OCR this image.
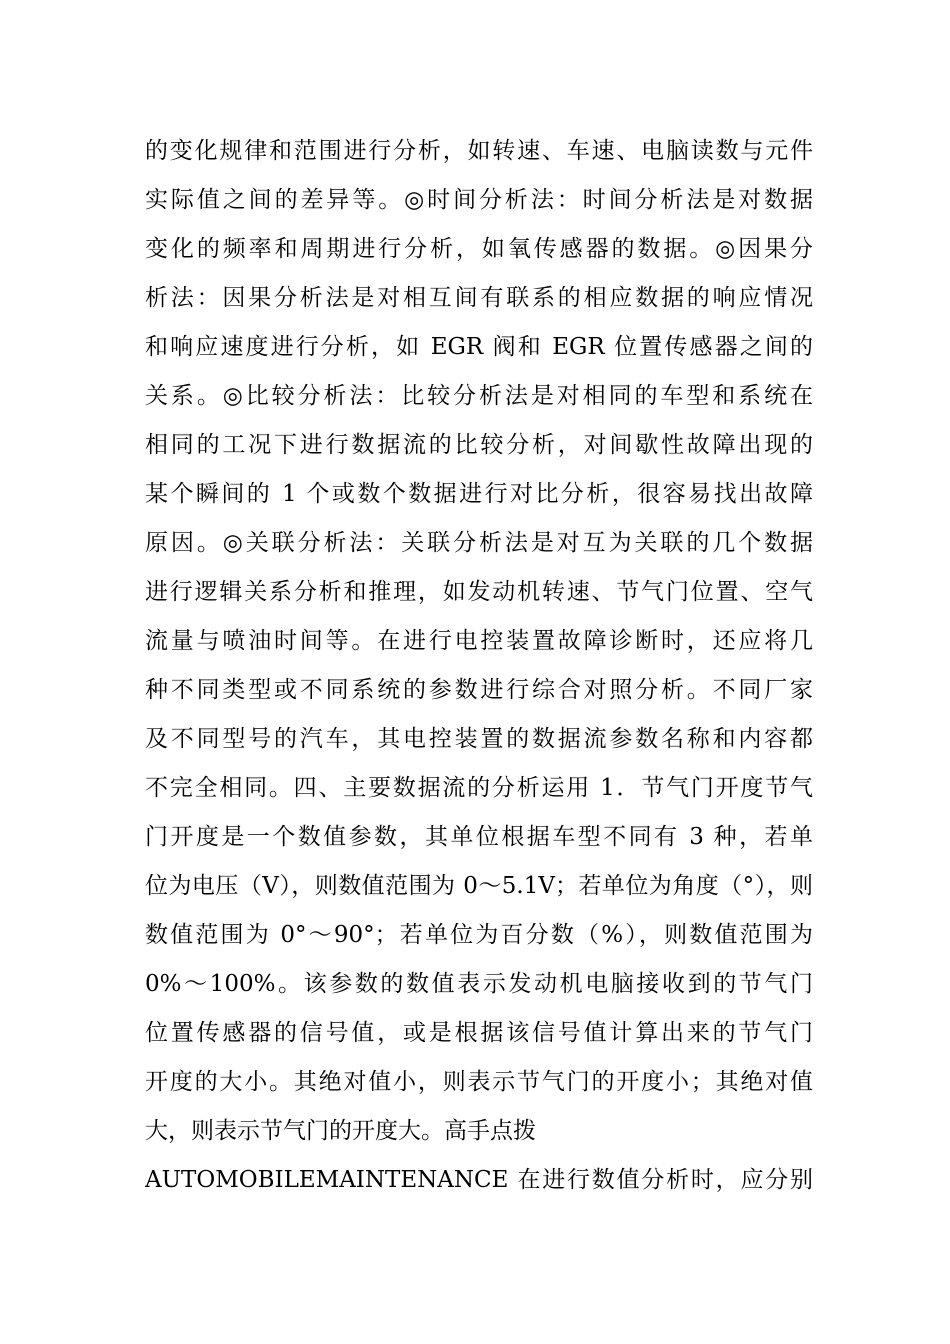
的变化规律和范围进行分析，如转速、车速、电脑读数与元件
实际值之间的差异等。◎时间分析法：时间分析法是对数据
变化的频率和周期进行分析，如氧传感器的数据。◎因果分
析法：因果分析法是对相互间有联系的相应数据的响应情况
和响应速度进行分析，如 EGR 阀和 EGR 位置传感器之间的
关系。◎比较分析法：比较分析法是对相同的车型和系统在
相同的工况下进行数据流的比较分析，对间歇性故障出现的
某个瞬间的 1 个或数个数据进行对比分析，很容易找出故障
原因。◎关联分析法：关联分析法是对互为关联的几个数据
进行逻辑关系分析和推理，如发动机转速、节气门位置、空气
流量与喷油时间等。在进行电控装置故障诊断时，还应将几
种不同类型或不同系统的参数进行综合对照分析。不同厂家
及不同型号的汽车，其电控装置的数据流参数名称和内容都
不完全相同。四、主要数据流的分析运用 1．节气门开度节气
门开度是一个数值参数，其单位根据车型不同有 3 种，若单
位为电压（V），则数值范围为 0～5.1V；若单位为角度（°），则
数值范围为 0°～90°；若单位为百分数（%），则数值范围为
0%～100%。该参数的数值表示发动机电脑接收到的节气门
位置传感器的信号值，或是根据该信号值计算出来的节气门
开度的大小。其绝对值小，则表示节气门的开度小；其绝对值
大，则表示节气门的开度大。高手点拨
AUTOMOBILEMAINTENANCE 在进行数值分析时，应分别
